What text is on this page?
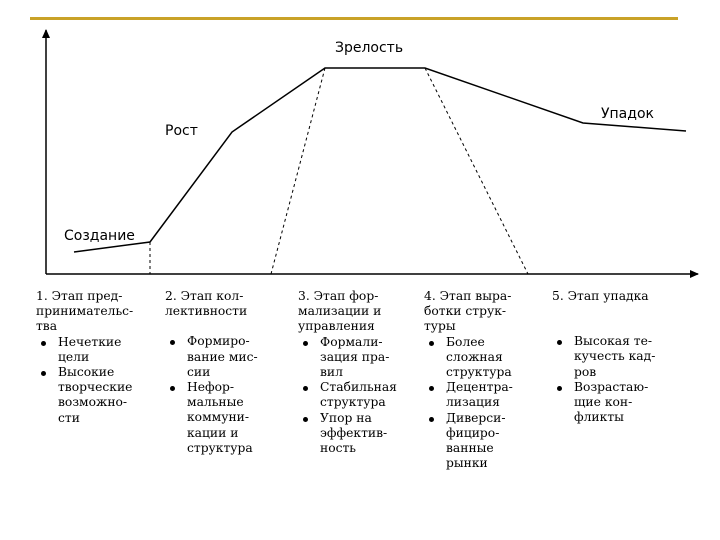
Создание
Рост
Зрелость
Упадок
1. Этап пред-
принимательс-
тва
Нечеткие
цели
Высокие
творческие
возможно-
сти
2. Этап кол-
лективности
Формиро-
вание мис-
сии
Нефор-
мальные
коммуни-
кации и
структура
3. Этап фор-
мализации и
управления
Формали-
зация пра-
вил
Стабильная
структура
Упор на
эффектив-
ность
4. Этап выра-
ботки струк-
туры
Более
сложная
структура
Децентра-
лизация
Диверси-
фициро-
ванные
рынки
5. Этап упадка
Высокая те-
кучесть кад-
ров
Возрастаю-
щие кон-
фликты
